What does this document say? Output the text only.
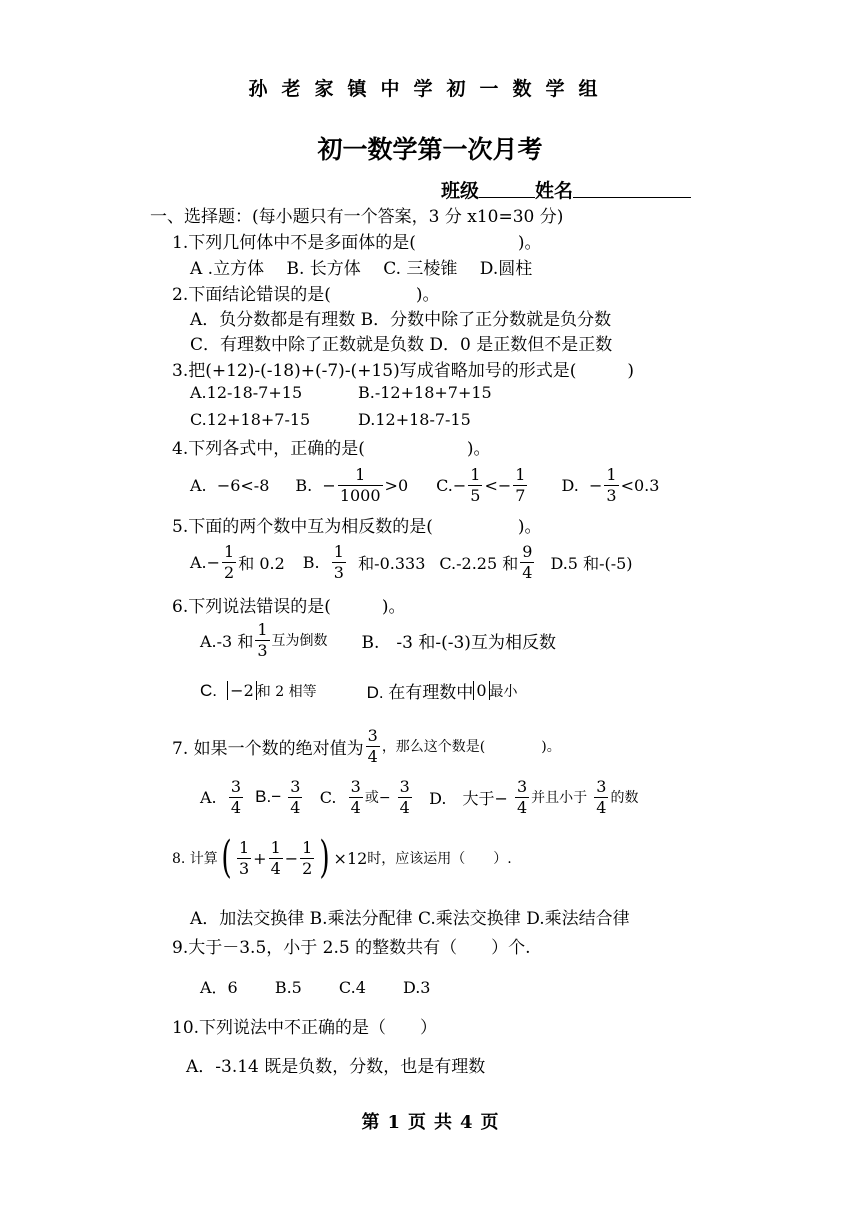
孙老家镇中学初一数学组
初一数学第一次月考
班级	姓名
一、选择题：(每小题只有一个答案，3 分 x10=30 分)
1.下列几何体中不是多面体的是(　　　　　　)。
A .立方体　 B. 长方体　 C. 三棱锥　 D.圆柱
2.下面结论错误的是(　　　　　)。
A．负分数都是有理数 B．分数中除了正分数就是负分数
C．有理数中除了正数就是负数 D．0 是正数但不是正数
3.把(+12)-(-18)+(-7)-(+15)写成省略加号的形式是(　　　)
A.12-18-7+15	B.-12+18+7+15
C.12+18+7-15	D.12+18-7-15
4.下列各式中，正确的是(　　　　　　)。
A.
−6<-8 B.
− $\frac{1}{1000} >0$ C. − $\frac{1}{5} <- \frac{1}{7} D$.
− $\frac{1}{3} <0.3$
5.下面的两个数中互为相反数的是(　　　　　)。
$A.- \frac{1}{2}$ 和 0.2 B.
$\frac{1}{3}$
和-0.333 C.-2.25 和 $\frac{9}{4} D.5$ 和-(-5)
6.下列说法错误的是(　　　)。
A.-3 和 $\frac{1}{3}$ 互为倒数 B.　-3 和-(-3)互为相反数
C.
−2 和 2 相等	D. 在有理数中 0 最小
7. 如果一个数的绝对值为 $\frac{3}{4}$ ，那么这个数是(　　　　)。
A.
$\frac{3}{4}$
B.−
$\frac{3}{4}$
C.
$\frac{3}{4}$ 或−
$\frac{3}{4}$
D.　大于−
$\frac{3}{4}$ 并且小于
$\frac{3}{4}$ 的数
8. 计算 ( $\frac{1}{3} + \frac{1}{4} - \frac{1}{2}$ ) ×12 时，应该运用（　　）.
A．加法交换律 B.乘法分配律 C.乘法交换律 D.乘法结合律
9.大于－3.5，小于 2.5 的整数共有（　　）个.
A．6　　 B.5　　 C.4　　 D.3
10.下列说法中不正确的是（　　）
A．-3.14 既是负数，分数，也是有理数
第 1 页 共 4 页
